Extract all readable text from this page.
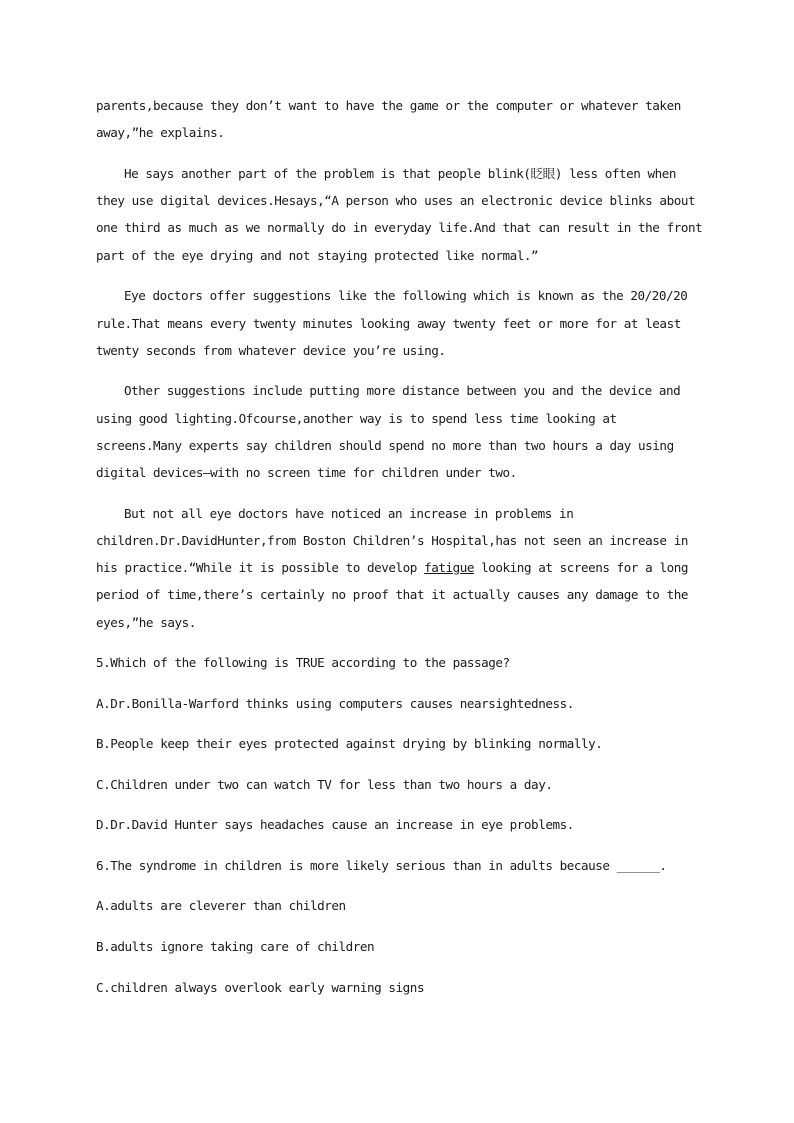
parents,because they don’t want to have the game or the computer or whatever taken
away,”he explains.
He says another part of the problem is that people blink(眨眼) less often when
they use digital devices.Hesays,“A person who uses an electronic device blinks about
one third as much as we normally do in everyday life.And that can result in the front
part of the eye drying and not staying protected like normal.”
Eye doctors offer suggestions like the following which is known as the 20/20/20
rule.That means every twenty minutes looking away twenty feet or more for at least
twenty seconds from whatever device you’re using.
Other suggestions include putting more distance between you and the device and
using good lighting.Ofcourse,another way is to spend less time looking at
screens.Many experts say children should spend no more than two hours a day using
digital devices—with no screen time for children under two.
But not all eye doctors have noticed an increase in problems in
children.Dr.DavidHunter,from Boston Children’s Hospital,has not seen an increase in
his practice.“While it is possible to develop fatigue looking at screens for a long
period of time,there’s certainly no proof that it actually causes any damage to the
eyes,”he says.
5.Which of the following is TRUE according to the passage?
A.Dr.Bonilla-Warford thinks using computers causes nearsightedness.
B.People keep their eyes protected against drying by blinking normally.
C.Children under two can watch TV for less than two hours a day.
D.Dr.David Hunter says headaches cause an increase in eye problems.
6.The syndrome in children is more likely serious than in adults because ______.
A.adults are cleverer than children
B.adults ignore taking care of children
C.children always overlook early warning signs
